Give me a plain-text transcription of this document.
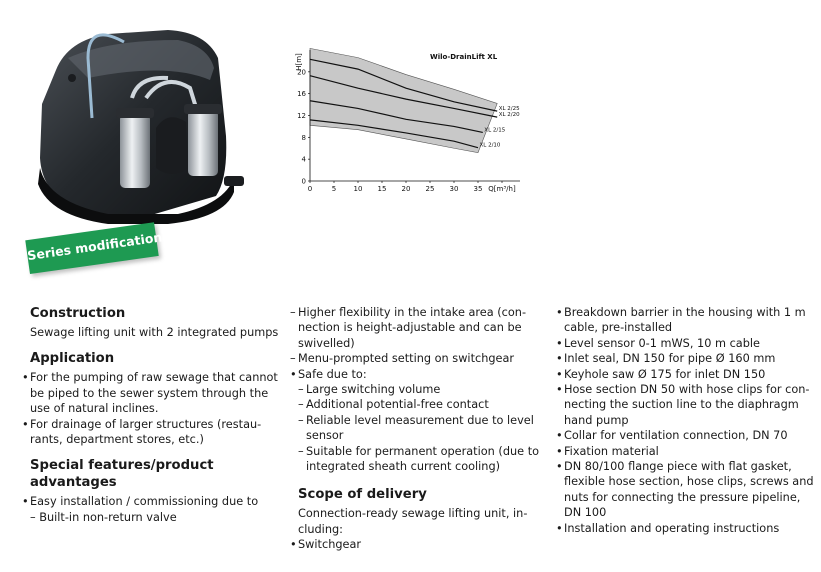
XL 2/25
XL 2/20
XL 2/15
XL 2/10
20
16
12
8
4
0
0	5 10 15 20 25 30 35 Q[m³/h]
H[m]	Wilo-DrainLift XL
Series modification
Construction
Sewage lifting unit with 2 integrated pumps
Application
• For the pumping of raw sewage that cannot be piped to the sewer system through the use of natural inclines.
• For drainage of larger structures (restau-rants, department stores, etc.)
Special features/product advantages
• Easy installation / commissioning due to
– Built-in non-return valve
– Higher flexibility in the intake area (con-nection is height-adjustable and can be swivelled)
– Menu-prompted setting on switchgear
• Safe due to:
– Large switching volume
– Additional potential-free contact
– Reliable level measurement due to level sensor
– Suitable for permanent operation (due to integrated sheath current cooling)
Scope of delivery
Connection-ready sewage lifting unit, in-cluding:
• Switchgear
• Breakdown barrier in the housing with 1 m cable, pre-installed
• Level sensor 0-1 mWS, 10 m cable
• Inlet seal, DN 150 for pipe Ø 160 mm
• Keyhole saw Ø 175 for inlet DN 150
• Hose section DN 50 with hose clips for con-necting the suction line to the diaphragm hand pump
• Collar for ventilation connection, DN 70
• Fixation material
• DN 80/100 flange piece with flat gasket, flexible hose section, hose clips, screws and nuts for connecting the pressure pipeline, DN 100
• Installation and operating instructions
